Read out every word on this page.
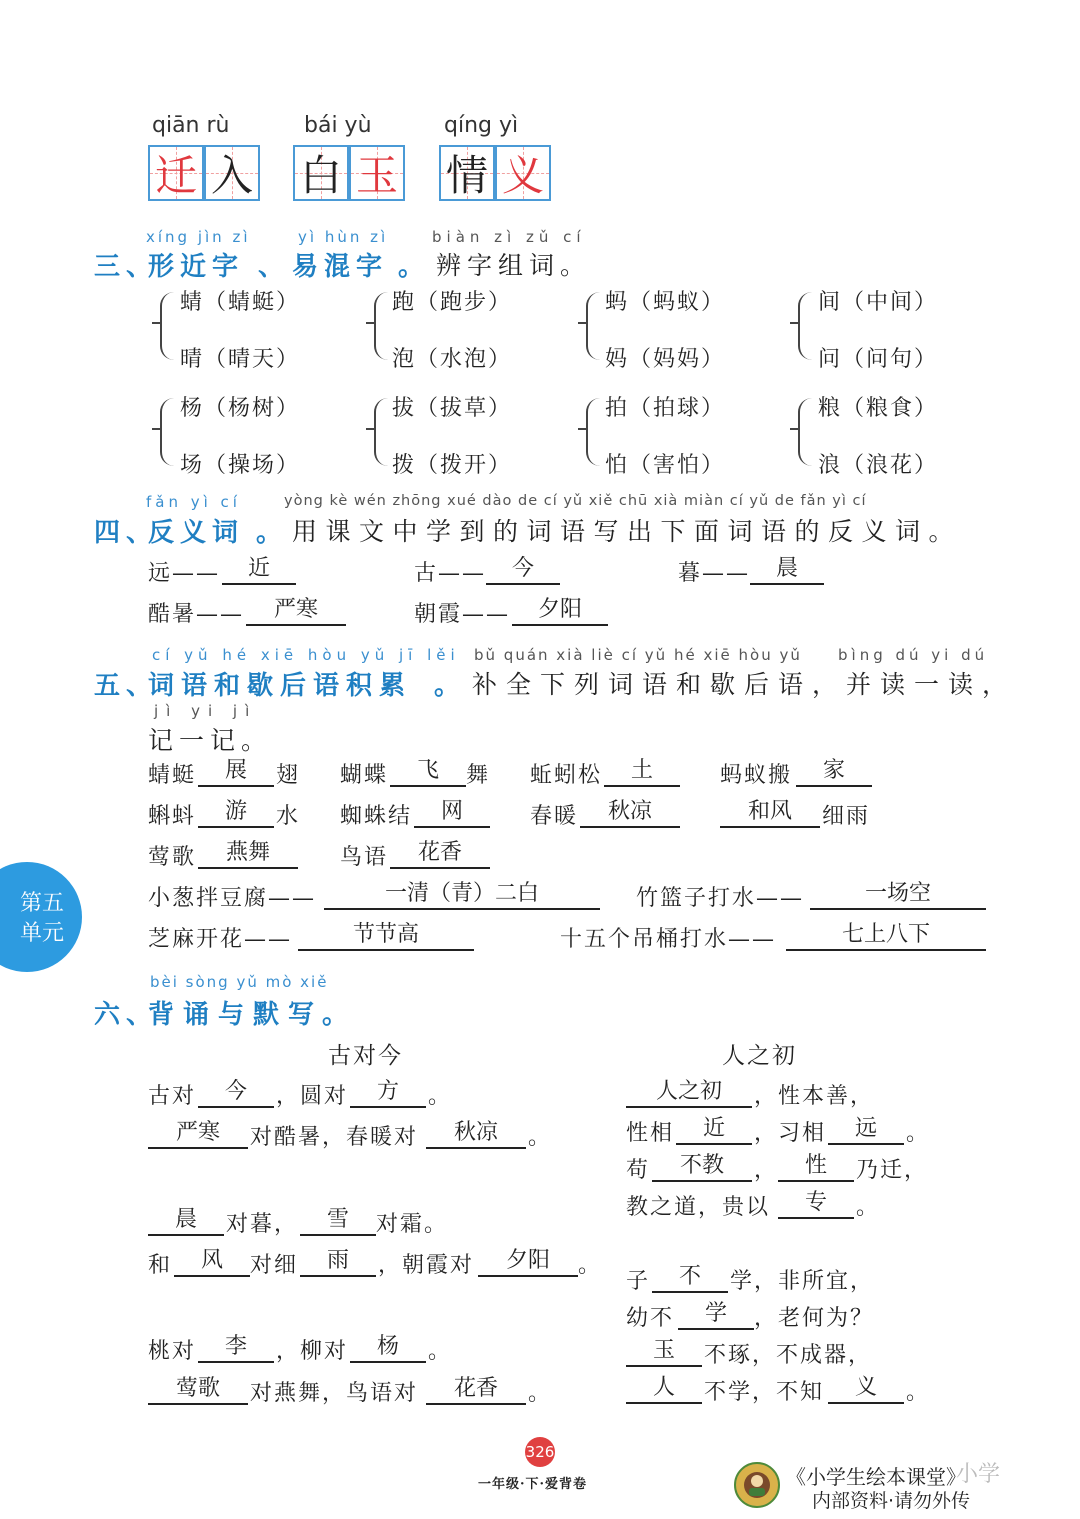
qiān rù	bái yù	qíng yì
迁 入 白 玉 情 义
xíng jìn zì	yì hùn zì	biàn zì zǔ cí
三、
形近字 、 易混字 。 辨字组词。
蜻（蜻蜓）
晴（晴天）
跑（跑步）
泡（水泡）
蚂（蚂蚁）
妈（妈妈）
间（中间）
问（问句）
杨（杨树）
场（操场）
拔（拔草）
拨（拨开）
拍（拍球）
怕（害怕）
粮（粮食）
浪（浪花）
fǎn yì cí	yòng kè wén zhōng xué dào de cí yǔ xiě chū xià miàn cí yǔ de fǎn yì cí
四、
反义词 。 用课文中学到的词语写出下面词语的反义词。
远——	近	古——	今	暮——	晨
酷暑——	严寒	朝霞——	夕阳
cí yǔ hé xiē hòu yǔ jī lěi bǔ quán xià liè cí yǔ hé xiē hòu yǔ bìng dú yi dú
五、
词语和歇后语积累 。 补全下列词语和歇后语，并读一读，
jì yi jì
记一记。
蜻蜓	展	翅 蝴蝶	飞	舞 蚯蚓松	土	蚂蚁搬	家
蝌蚪	游	水 蜘蛛结	网	春暖	秋凉	和风	细雨
莺歌	燕舞	鸟语	花香
小葱拌豆腐——	一清（青）二白	竹篮子打水——	一场空
芝麻开花——	节节高	十五个吊桶打水——	七上八下
第五
单元
bèi sòng yǔ mò xiě
六、
背诵与默写
。
古对今	人之初
古对	今	，圆对	方	。
严寒	对酷暑，春暖对	秋凉	。
晨	对暮，	雪	对霜。
和	风	对细	雨	，朝霞对	夕阳	。
桃对	李	，柳对	杨	。
莺歌	对燕舞，鸟语对	花香	。
人之初	，性本善，
性相	近	，习相	远	。
苟	不教	，	性	乃迁，
教之道，贵以	专	。
子	不	学，非所宜，
幼不	学	，老何为？
玉	不琢，不成器，
人	不学，不知	义	。
326
一年级·下·爱背卷	《小学生绘本课堂》
小学
内部资料·请勿外传
